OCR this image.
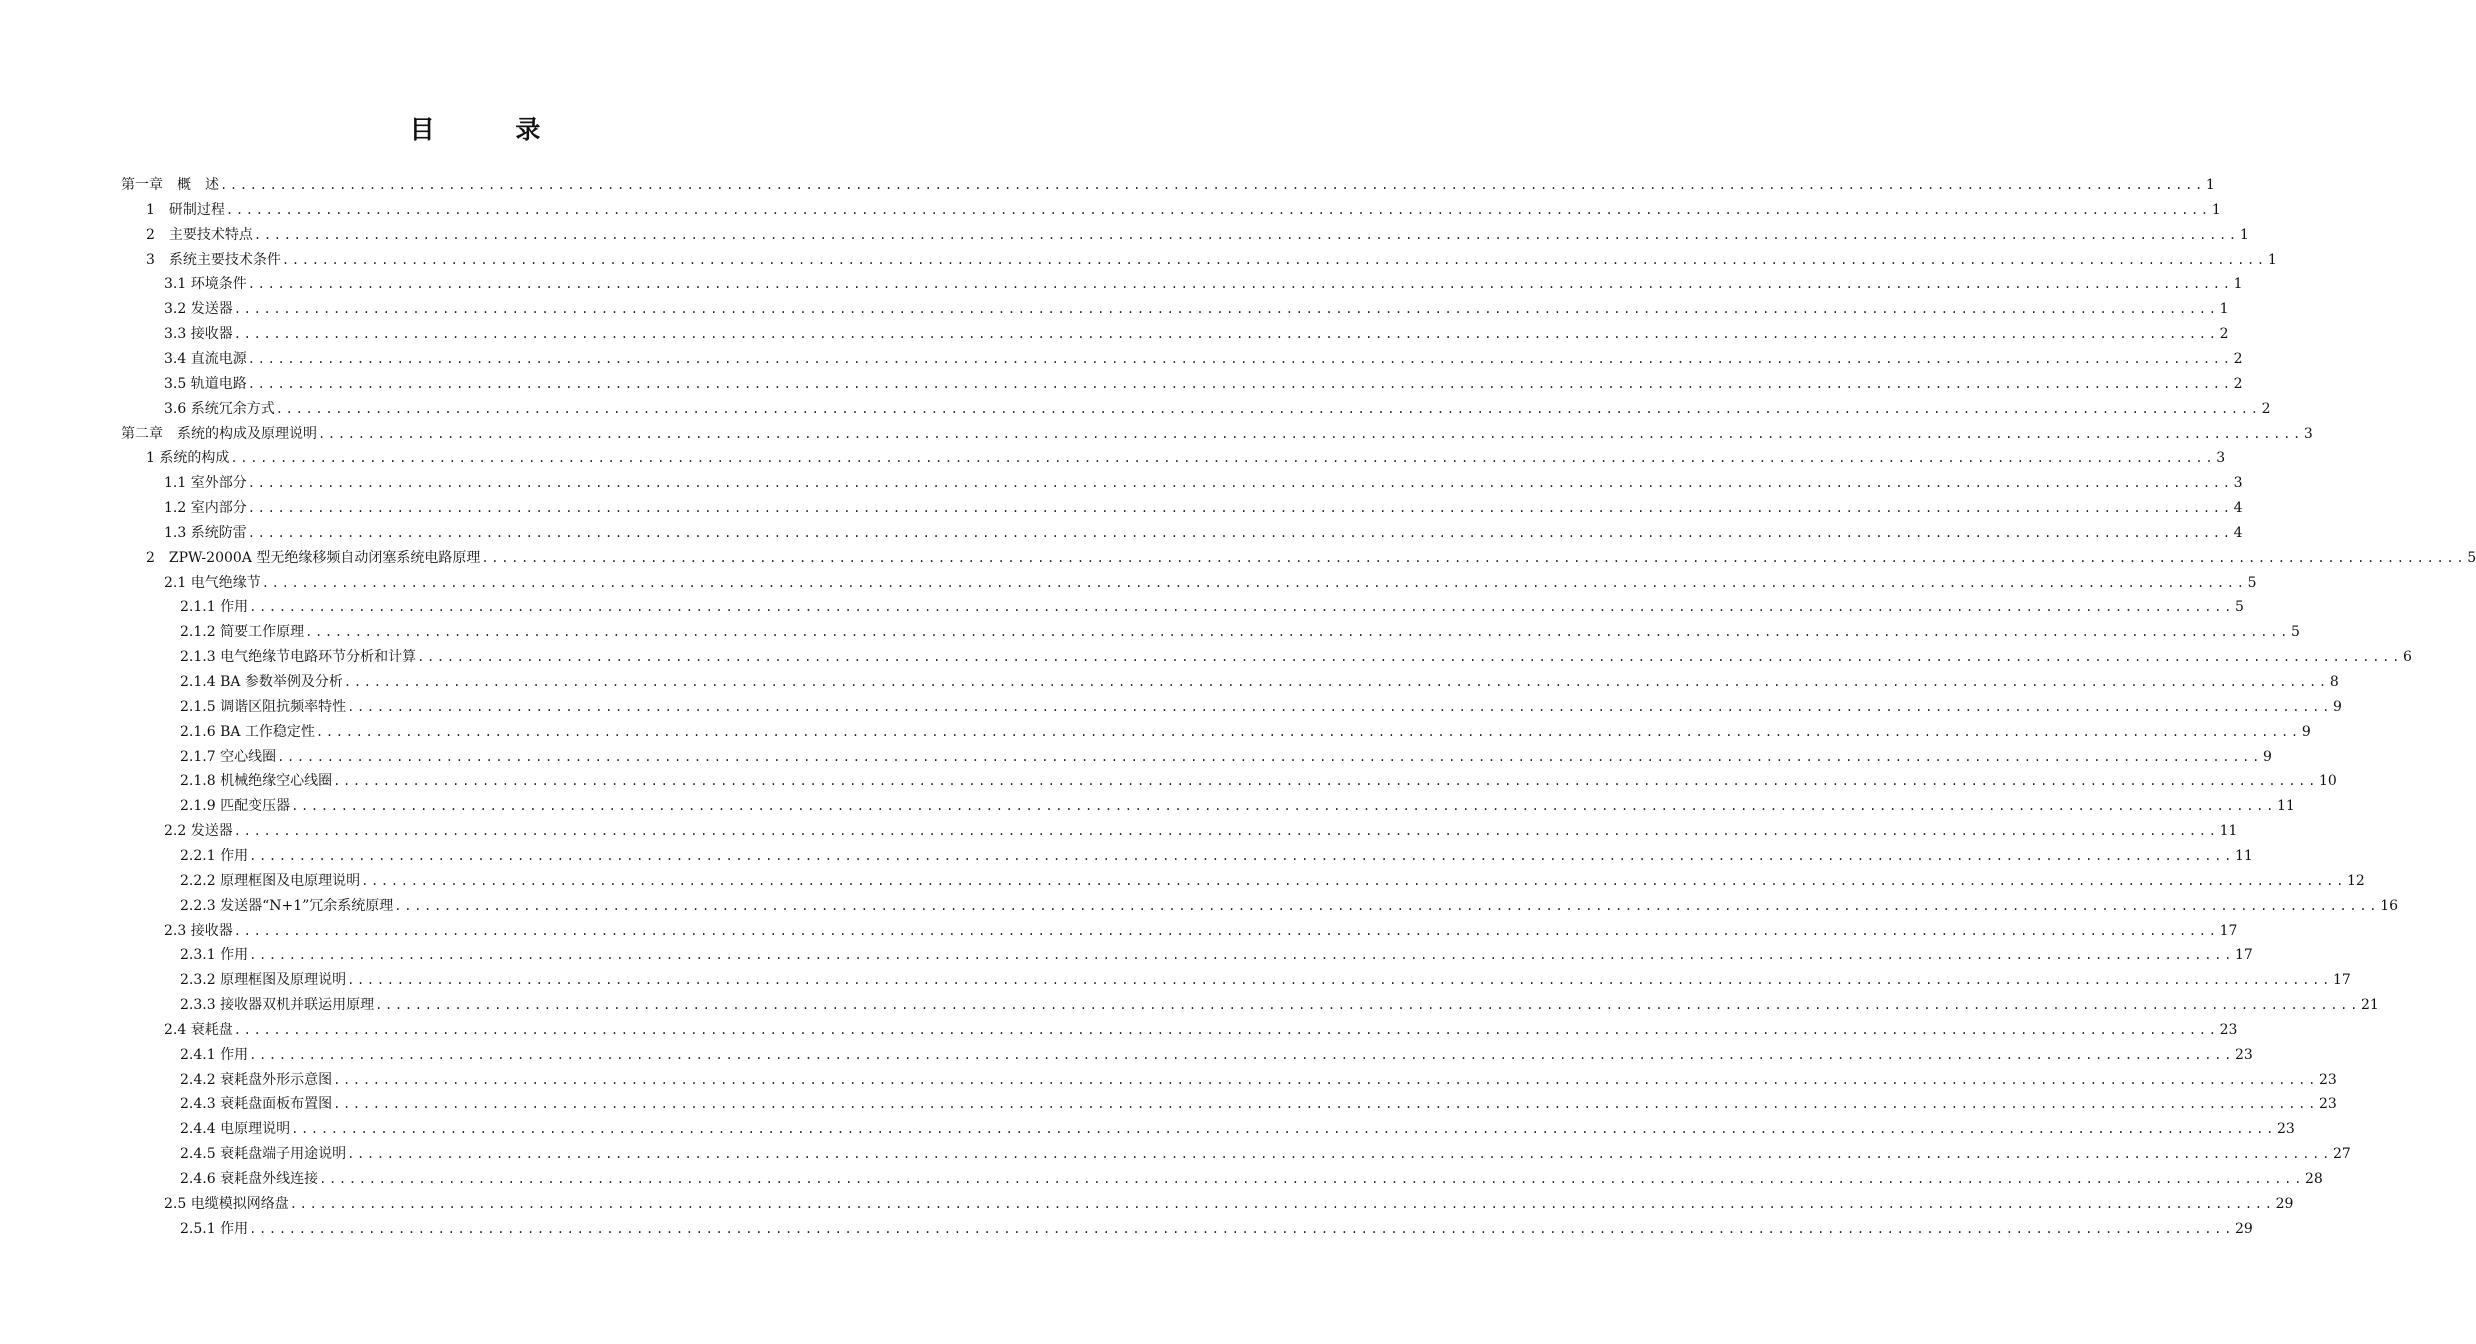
目 录
第一章　概　述 ........................................................................................................................................................................................................ 1
1　研制过程 ........................................................................................................................................................................................................ 1
2　主要技术特点 ........................................................................................................................................................................................................ 1
3　系统主要技术条件 ........................................................................................................................................................................................................ 1
3.1 环境条件 ........................................................................................................................................................................................................ 1
3.2 发送器 ........................................................................................................................................................................................................ 1
3.3 接收器 ........................................................................................................................................................................................................ 2
3.4 直流电源 ........................................................................................................................................................................................................ 2
3.5 轨道电路 ........................................................................................................................................................................................................ 2
3.6 系统冗余方式 ........................................................................................................................................................................................................ 2
第二章　系统的构成及原理说明 ........................................................................................................................................................................................................ 3
1 系统的构成 ........................................................................................................................................................................................................ 3
1.1 室外部分 ........................................................................................................................................................................................................ 3
1.2 室内部分 ........................................................................................................................................................................................................ 4
1.3 系统防雷 ........................................................................................................................................................................................................ 4
2　ZPW-2000A 型无绝缘移频自动闭塞系统电路原理 ........................................................................................................................................................................................................ 5
2.1 电气绝缘节 ........................................................................................................................................................................................................ 5
2.1.1 作用 ........................................................................................................................................................................................................ 5
2.1.2 简要工作原理 ........................................................................................................................................................................................................ 5
2.1.3 电气绝缘节电路环节分析和计算 ........................................................................................................................................................................................................ 6
2.1.4 BA 参数举例及分析 ........................................................................................................................................................................................................ 8
2.1.5 调谐区阻抗频率特性 ........................................................................................................................................................................................................ 9
2.1.6 BA 工作稳定性 ........................................................................................................................................................................................................ 9
2.1.7 空心线圈 ........................................................................................................................................................................................................ 9
2.1.8 机械绝缘空心线圈 ........................................................................................................................................................................................................ 10
2.1.9 匹配变压器 ........................................................................................................................................................................................................ 11
2.2 发送器 ........................................................................................................................................................................................................ 11
2.2.1 作用 ........................................................................................................................................................................................................ 11
2.2.2 原理框图及电原理说明 ........................................................................................................................................................................................................ 12
2.2.3 发送器“N+1”冗余系统原理 ........................................................................................................................................................................................................ 16
2.3 接收器 ........................................................................................................................................................................................................ 17
2.3.1 作用 ........................................................................................................................................................................................................ 17
2.3.2 原理框图及原理说明 ........................................................................................................................................................................................................ 17
2.3.3 接收器双机并联运用原理 ........................................................................................................................................................................................................ 21
2.4 衰耗盘 ........................................................................................................................................................................................................ 23
2.4.1 作用 ........................................................................................................................................................................................................ 23
2.4.2 衰耗盘外形示意图 ........................................................................................................................................................................................................ 23
2.4.3 衰耗盘面板布置图 ........................................................................................................................................................................................................ 23
2.4.4 电原理说明 ........................................................................................................................................................................................................ 23
2.4.5 衰耗盘端子用途说明 ........................................................................................................................................................................................................ 27
2.4.6 衰耗盘外线连接 ........................................................................................................................................................................................................ 28
2.5 电缆模拟网络盘 ........................................................................................................................................................................................................ 29
2.5.1 作用 ........................................................................................................................................................................................................ 29
